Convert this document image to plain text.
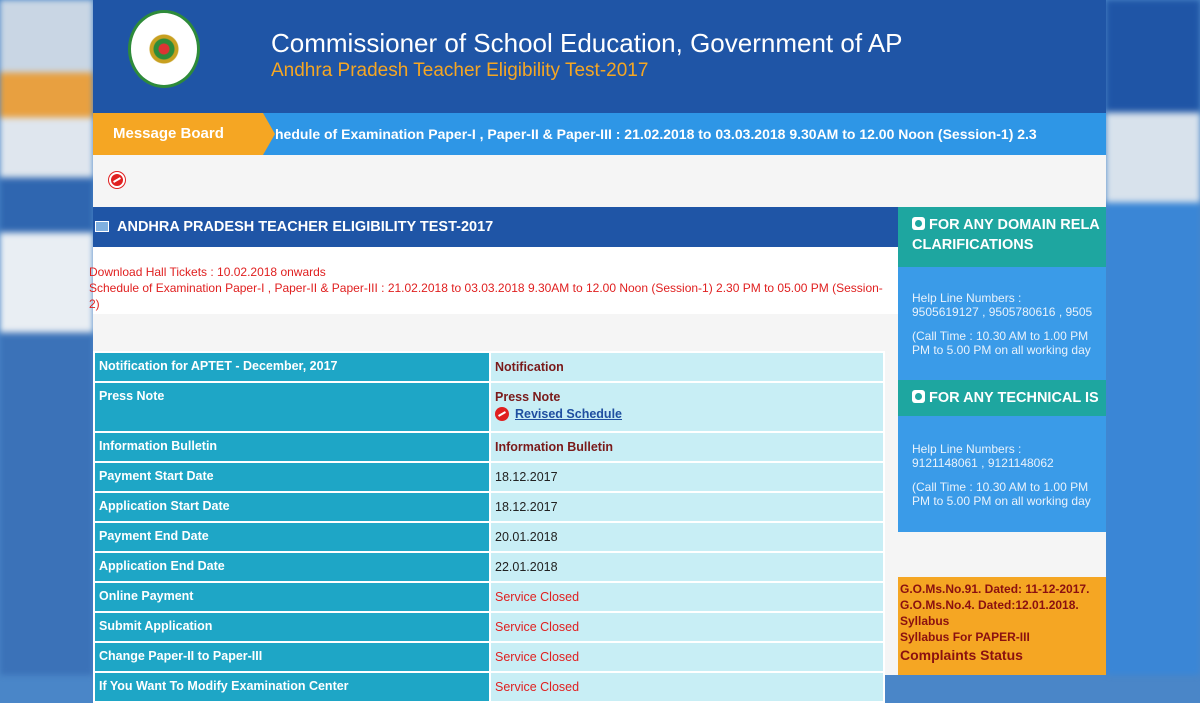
Commissioner of School Education, Government of AP
Andhra Pradesh Teacher Eligibility Test-2017
hedule of Examination Paper-I , Paper-II & Paper-III : 21.02.2018 to 03.03.2018 9.30AM to 12.00 Noon (Session-1) 2.3
Message Board
ANDHRA PRADESH TEACHER ELIGIBILITY TEST-2017
Download Hall Tickets : 10.02.2018 onwards
Schedule of Examination Paper-I , Paper-II & Paper-III : 21.02.2018 to 03.03.2018 9.30AM to 12.00 Noon (Session-1) 2.30 PM to 05.00 PM (Session-2)
Notification for APTET - December, 2017	Notification
Press Note	Press Note
Revised Schedule

Information Bulletin	Information Bulletin
Payment Start Date	18.12.2017
Application Start Date	18.12.2017
Payment End Date	20.01.2018
Application End Date	22.01.2018
Online Payment	Service Closed
Submit Application	Service Closed
Change Paper-II to Paper-III	Service Closed
If You Want To Modify Examination Center	Service Closed
FOR ANY DOMAIN RELA
CLARIFICATIONS
Help Line Numbers :
9505619127 , 9505780616 , 9505
(Call Time : 10.30 AM to 1.00 PM
PM to 5.00 PM on all working day
FOR ANY TECHNICAL IS
Help Line Numbers :
9121148061 , 9121148062
(Call Time : 10.30 AM to 1.00 PM
PM to 5.00 PM on all working day
G.O.Ms.No.91. Dated: 11-12-2017.
G.O.Ms.No.4. Dated:12.01.2018.
Syllabus
Syllabus For PAPER-III
Complaints Status
